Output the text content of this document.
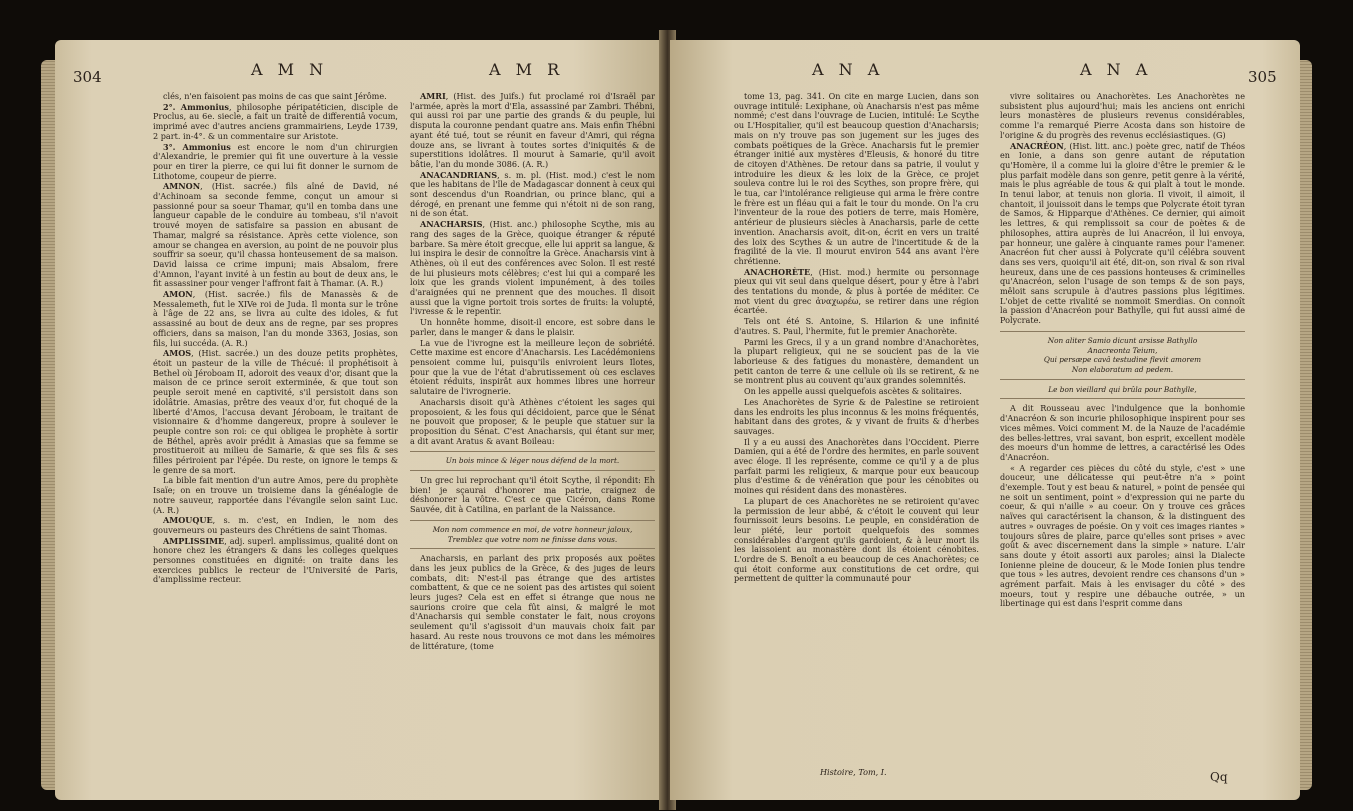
304	A M N	A M R

clés, n'en faisoient pas moins de cas que saint Jérôme.

2°. Ammonius, philosophe péripatéticien, disciple de Proclus, au 6e. siecle, a fait un traité de differentiâ vocum, imprimé avec d'autres anciens grammairiens, Leyde 1739, 2 part. in-4°. & un commentaire sur Aristote.

3°. Ammonius est encore le nom d'un chirurgien d'Alexandrie, le premier qui fit une ouverture à la vessie pour en tirer la pierre, ce qui lui fit donner le surnom de Lithotome, coupeur de pierre.

AMNON, (Hist. sacrée.) fils aîné de David, né d'Achinoam sa seconde femme, conçut un amour si passionné pour sa soeur Thamar, qu'il en tomba dans une langueur capable de le conduire au tombeau, s'il n'avoit trouvé moyen de satisfaire sa passion en abusant de Thamar, malgré sa résistance. Après cette violence, son amour se changea en aversion, au point de ne pouvoir plus souffrir sa soeur, qu'il chassa honteusement de sa maison. David laissa ce crime impuni; mais Absalom, frere d'Amnon, l'ayant invité à un festin au bout de deux ans, le fit assassiner pour venger l'affront fait à Thamar. (A. R.)

AMON, (Hist. sacrée.) fils de Manassès & de Messalemeth, fut le XIVe roi de Juda. Il monta sur le trône à l'âge de 22 ans, se livra au culte des idoles, & fut assassiné au bout de deux ans de regne, par ses propres officiers, dans sa maison, l'an du monde 3363, Josias, son fils, lui succéda. (A. R.)

AMOS, (Hist. sacrée.) un des douze petits prophètes, étoit un pasteur de la ville de Thécué: il prophétisoit à Bethel où Jéroboam II, adoroit des veaux d'or, disant que la maison de ce prince seroit exterminée, & que tout son peuple seroit mené en captivité, s'il persistoit dans son idolâtrie. Amasias, prêtre des veaux d'or, fut choqué de la liberté d'Amos, l'accusa devant Jéroboam, le traitant de visionnaire & d'homme dangereux, propre à soulever le peuple contre son roi: ce qui obligea le prophète à sortir de Béthel, après avoir prédit à Amasias que sa femme se prostitueroit au milieu de Samarie, & que ses fils & ses filles périroient par l'épée. Du reste, on ignore le temps & le genre de sa mort.

La bible fait mention d'un autre Amos, pere du prophète Isaïe; on en trouve un troisieme dans la généalogie de notre sauveur, rapportée dans l'évangile selon saint Luc. (A. R.)

AMOUQUE, s. m. c'est, en Indien, le nom des gouverneurs ou pasteurs des Chrétiens de saint Thomas.

AMPLISSIME, adj. superl. amplissimus, qualité dont on honore chez les étrangers & dans les colleges quelques personnes constituées en dignité: on traite dans les exercices publics le recteur de l'Université de Paris, d'amplissime recteur.

AMRI, (Hist. des Juifs.) fut proclamé roi d'Israël par l'armée, après la mort d'Ela, assassiné par Zambri. Thébni, qui aussi roi par une partie des grands & du peuple, lui disputa la couronne pendant quatre ans. Mais enfin Thébni ayant été tué, tout se réunit en faveur d'Amri, qui régna douze ans, se livrant à toutes sortes d'iniquités & de superstitions idolâtres. Il mourut à Samarie, qu'il avoit bâtie, l'an du monde 3086. (A. R.)

ANACANDRIANS, s. m. pl. (Hist. mod.) c'est le nom que les habitans de l'île de Madagascar donnent à ceux qui sont descendus d'un Roandrian, ou prince blanc, qui a dérogé, en prenant une femme qui n'étoit ni de son rang, ni de son état.

ANACHARSIS, (Hist. anc.) philosophe Scythe, mis au rang des sages de la Grèce, quoique étranger & réputé barbare. Sa mère étoit grecque, elle lui apprit sa langue, & lui inspira le desir de connoître la Grèce. Anacharsis vint à Athènes, où il eut des conférences avec Solon. Il est resté de lui plusieurs mots célèbres; c'est lui qui a comparé les loix que les grands violent impunément, à des toiles d'araignées qui ne prennent que des mouches. Il disoit aussi que la vigne portoit trois sortes de fruits: la volupté, l'ivresse & le repentir.

Un honnête homme, disoit-il encore, est sobre dans le parler, dans le manger & dans le plaisir.

La vue de l'ivrogne est la meilleure leçon de sobriété. Cette maxime est encore d'Anacharsis. Les Lacédémoniens pensoient comme lui, puisqu'ils enivroient leurs Ilotes, pour que la vue de l'état d'abrutissement où ces esclaves étoient réduits, inspirât aux hommes libres une horreur salutaire de l'ivrognerie.

Anacharsis disoit qu'à Athènes c'étoient les sages qui proposoient, & les fous qui décidoient, parce que le Sénat ne pouvoit que proposer, & le peuple que statuer sur la proposition du Sénat. C'est Anacharsis, qui étant sur mer, a dit avant Aratus & avant Boileau:

Un bois mince & léger nous défend de la mort.

Un grec lui reprochant qu'il étoit Scythe, il répondit: Eh bien! je sçaurai d'honorer ma patrie, craignez de déshonorer la vôtre. C'est ce que Cicéron, dans Rome Sauvée, dit à Catilina, en parlant de la Naissance.

Mon nom commence en moi, de votre honneur jaloux,
Tremblez que votre nom ne finisse dans vous.

Anacharsis, en parlant des prix proposés aux poëtes dans les jeux publics de la Grèce, & des juges de leurs combats, dit: N'est-il pas étrange que des artistes combattent, & que ce ne soient pas des artistes qui soient leurs juges? Cela est en effet si étrange que nous ne saurions croire que cela fût ainsi, & malgré le mot d'Anacharsis qui semble constater le fait, nous croyons seulement qu'il s'agissoit d'un mauvais choix fait par hasard. Au reste nous trouvons ce mot dans les mémoires de littérature, (tome

A N A	A N A	305

tome 13, pag. 341. On cite en marge Lucien, dans son ouvrage intitulé: Lexiphane, où Anacharsis n'est pas même nommé; c'est dans l'ouvrage de Lucien, intitulé: Le Scythe ou L'Hospitalier, qu'il est beaucoup question d'Anacharsis; mais on n'y trouve pas son jugement sur les juges des combats poëtiques de la Grèce. Anacharsis fut le premier étranger initié aux mystères d'Eleusis, & honoré du titre de citoyen d'Athènes. De retour dans sa patrie, il voulut y introduire les dieux & les loix de la Grèce, ce projet souleva contre lui le roi des Scythes, son propre frère, qui le tua, car l'intolérance religieuse qui arma le frère contre le frère est un fléau qui a fait le tour du monde. On l'a cru l'inventeur de la roue des potiers de terre, mais Homère, antérieur de plusieurs siècles à Anacharsis, parle de cette invention. Anacharsis avoit, dit-on, écrit en vers un traité des loix des Scythes & un autre de l'incertitude & de la fragilité de la vie. Il mourut environ 544 ans avant l'ère chrétienne.

ANACHORÈTE, (Hist. mod.) hermite ou personnage pieux qui vit seul dans quelque désert, pour y être à l'abri des tentations du monde, & plus à portée de méditer. Ce mot vient du grec ἀναχωρέω, se retirer dans une région écartée.

Tels ont été S. Antoine, S. Hilarion & une infinité d'autres. S. Paul, l'hermite, fut le premier Anachorète.

Parmi les Grecs, il y a un grand nombre d'Anachorètes, la plupart religieux, qui ne se soucient pas de la vie laborieuse & des fatigues du monastère, demandent un petit canton de terre & une cellule où ils se retirent, & ne se montrent plus au couvent qu'aux grandes solemnités.

On les appelle aussi quelquefois ascètes & solitaires.

Les Anachorètes de Syrie & de Palestine se retiroient dans les endroits les plus inconnus & les moins fréquentés, habitant dans des grotes, & y vivant de fruits & d'herbes sauvages.

Il y a eu aussi des Anachorètes dans l'Occident. Pierre Damien, qui a été de l'ordre des hermites, en parle souvent avec éloge. Il les représente, comme ce qu'il y a de plus parfait parmi les religieux, & marque pour eux beaucoup plus d'estime & de vénération que pour les cénobites ou moines qui résident dans des monastères.

La plupart de ces Anachorètes ne se retiroient qu'avec la permission de leur abbé, & c'étoit le couvent qui leur fournissoit leurs besoins. Le peuple, en considération de leur piété, leur portoit quelquefois des sommes considérables d'argent qu'ils gardoient, & à leur mort ils les laissoient au monastère dont ils étoient cénobites. L'ordre de S. Benoît a eu beaucoup de ces Anachorètes; ce qui étoit conforme aux constitutions de cet ordre, qui permettent de quitter la communauté pour

Histoire, Tom, I.

vivre solitaires ou Anachorètes. Les Anachorètes ne subsistent plus aujourd'hui; mais les anciens ont enrichi leurs monastères de plusieurs revenus considérables, comme l'a remarqué Pierre Acosta dans son histoire de l'origine & du progrès des revenus ecclésiastiques. (G)

ANACRÉON, (Hist. litt. anc.) poète grec, natif de Théos en Ionie, a dans son genre autant de réputation qu'Homère, il a comme lui la gloire d'être le premier & le plus parfait modèle dans son genre, petit genre à la vérité, mais le plus agréable de tous & qui plaît à tout le monde. In tenui labor, at tenuis non gloria. Il vivoit, il aimoit, il chantoit, il jouissoit dans le temps que Polycrate étoit tyran de Samos, & Hipparque d'Athènes. Ce dernier, qui aimoit les lettres, & qui remplissoit sa cour de poètes & de philosophes, attira auprès de lui Anacréon, il lui envoya, par honneur, une galère à cinquante rames pour l'amener. Anacréon fut cher aussi à Polycrate qu'il célébra souvent dans ses vers, quoiqu'il ait été, dit-on, son rival & son rival heureux, dans une de ces passions honteuses & criminelles qu'Anacréon, selon l'usage de son temps & de son pays, mêloit sans scrupule à d'autres passions plus légitimes. L'objet de cette rivalité se nommoit Smerdias. On connoît la passion d'Anacréon pour Bathylle, qui fut aussi aimé de Polycrate.

Non aliter Samio dicunt arsisse Bathyllo
Anacreonta Teium,
Qui persæpe cavâ testudine flevit amorem
Non elaboratum ad pedem.
Le bon vieillard qui brûla pour Bathylle,

A dit Rousseau avec l'indulgence que la bonhomie d'Anacréon & son incurie philosophique inspirent pour ses vices mêmes. Voici comment M. de la Nauze de l'académie des belles-lettres, vrai savant, bon esprit, excellent modèle des moeurs d'un homme de lettres, a caractérisé les Odes d'Anacréon.

« A regarder ces pièces du côté du style, c'est » une douceur, une délicatesse qui peut-être n'a » point d'exemple. Tout y est beau & naturel, » point de pensée qui ne soit un sentiment, point » d'expression qui ne parte du coeur, & qui n'aille » au coeur. On y trouve ces grâces naïves qui caractérisent la chanson, & la distinguent des autres » ouvrages de poésie. On y voit ces images riantes » toujours sûres de plaire, parce qu'elles sont prises » avec goût & avec discernement dans la simple » nature. L'air sans doute y étoit assorti aux paroles; ainsi la Dialecte Ionienne pleine de douceur, & le Mode Ionien plus tendre que tous » les autres, devoient rendre ces chansons d'un » agrément parfait. Mais à les envisager du côté » des moeurs, tout y respire une débauche outrée, » un libertinage qui est dans l'esprit comme dans

Qq
